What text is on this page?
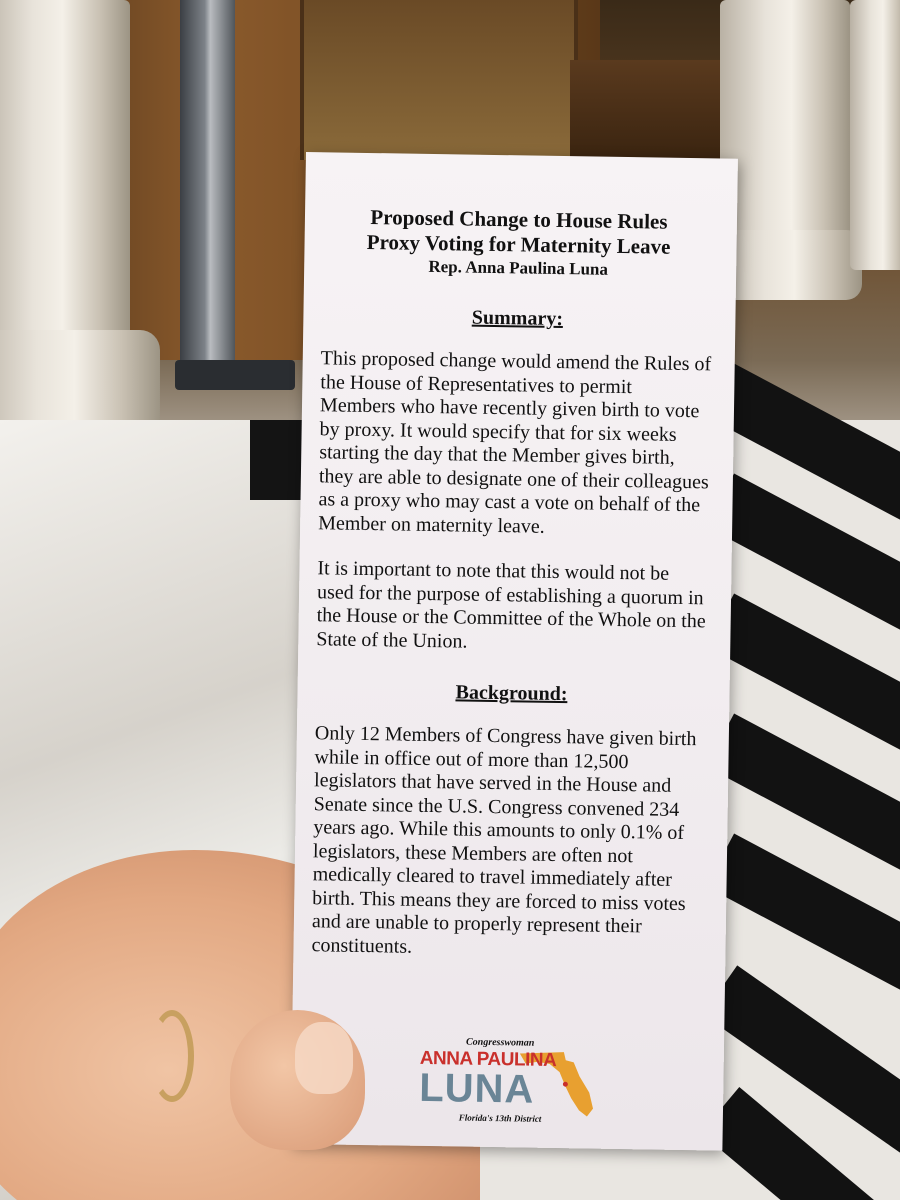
Proposed Change to House Rules

Proxy Voting for Maternity Leave

Rep. Anna Paulina Luna

Summary:

This proposed change would amend the Rules of the House of Representatives to permit Members who have recently given birth to vote by proxy. It would specify that for six weeks starting the day that the Member gives birth, they are able to designate one of their colleagues as a proxy who may cast a vote on behalf of the Member on maternity leave.

It is important to note that this would not be used for the purpose of establishing a quorum in the House or the Committee of the Whole on the State of the Union.

Background:

Only 12 Members of Congress have given birth while in office out of more than 12,500 legislators that have served in the House and Senate since the U.S. Congress convened 234 years ago. While this amounts to only 0.1% of legislators, these Members are often not medically cleared to travel immediately after birth. This means they are forced to miss votes and are unable to properly represent their constituents.

Congresswoman
ANNA PAULINA
LUNA
Florida's 13th District
